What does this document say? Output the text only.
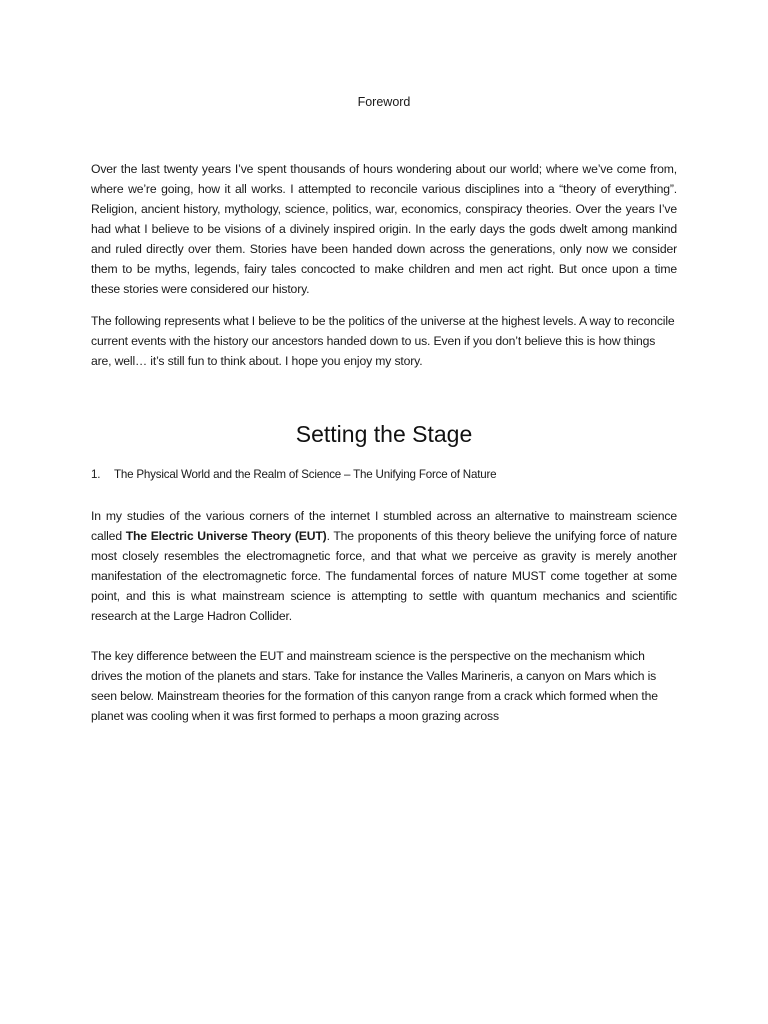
Foreword

Over the last twenty years I’ve spent thousands of hours wondering about our world; where we’ve come from, where we’re going, how it all works. I attempted to reconcile various disciplines into a “theory of everything”. Religion, ancient history, mythology, science, politics, war, economics, conspiracy theories. Over the years I’ve had what I believe to be visions of a divinely inspired origin. In the early days the gods dwelt among mankind and ruled directly over them. Stories have been handed down across the generations, only now we consider them to be myths, legends, fairy tales concocted to make children and men act right. But once upon a time these stories were considered our history.

The following represents what I believe to be the politics of the universe at the highest levels. A way to reconcile current events with the history our ancestors handed down to us. Even if you don’t believe this is how things are, well… it’s still fun to think about. I hope you enjoy my story.

Setting the Stage
1. The Physical World and the Realm of Science – The Unifying Force of Nature

In my studies of the various corners of the internet I stumbled across an alternative to mainstream science called The Electric Universe Theory (EUT). The proponents of this theory believe the unifying force of nature most closely resembles the electromagnetic force, and that what we perceive as gravity is merely another manifestation of the electromagnetic force. The fundamental forces of nature MUST come together at some point, and this is what mainstream science is attempting to settle with quantum mechanics and scientific research at the Large Hadron Collider.

The key difference between the EUT and mainstream science is the perspective on the mechanism which drives the motion of the planets and stars. Take for instance the Valles Marineris, a canyon on Mars which is seen below. Mainstream theories for the formation of this canyon range from a crack which formed when the planet was cooling when it was first formed to perhaps a moon grazing across
